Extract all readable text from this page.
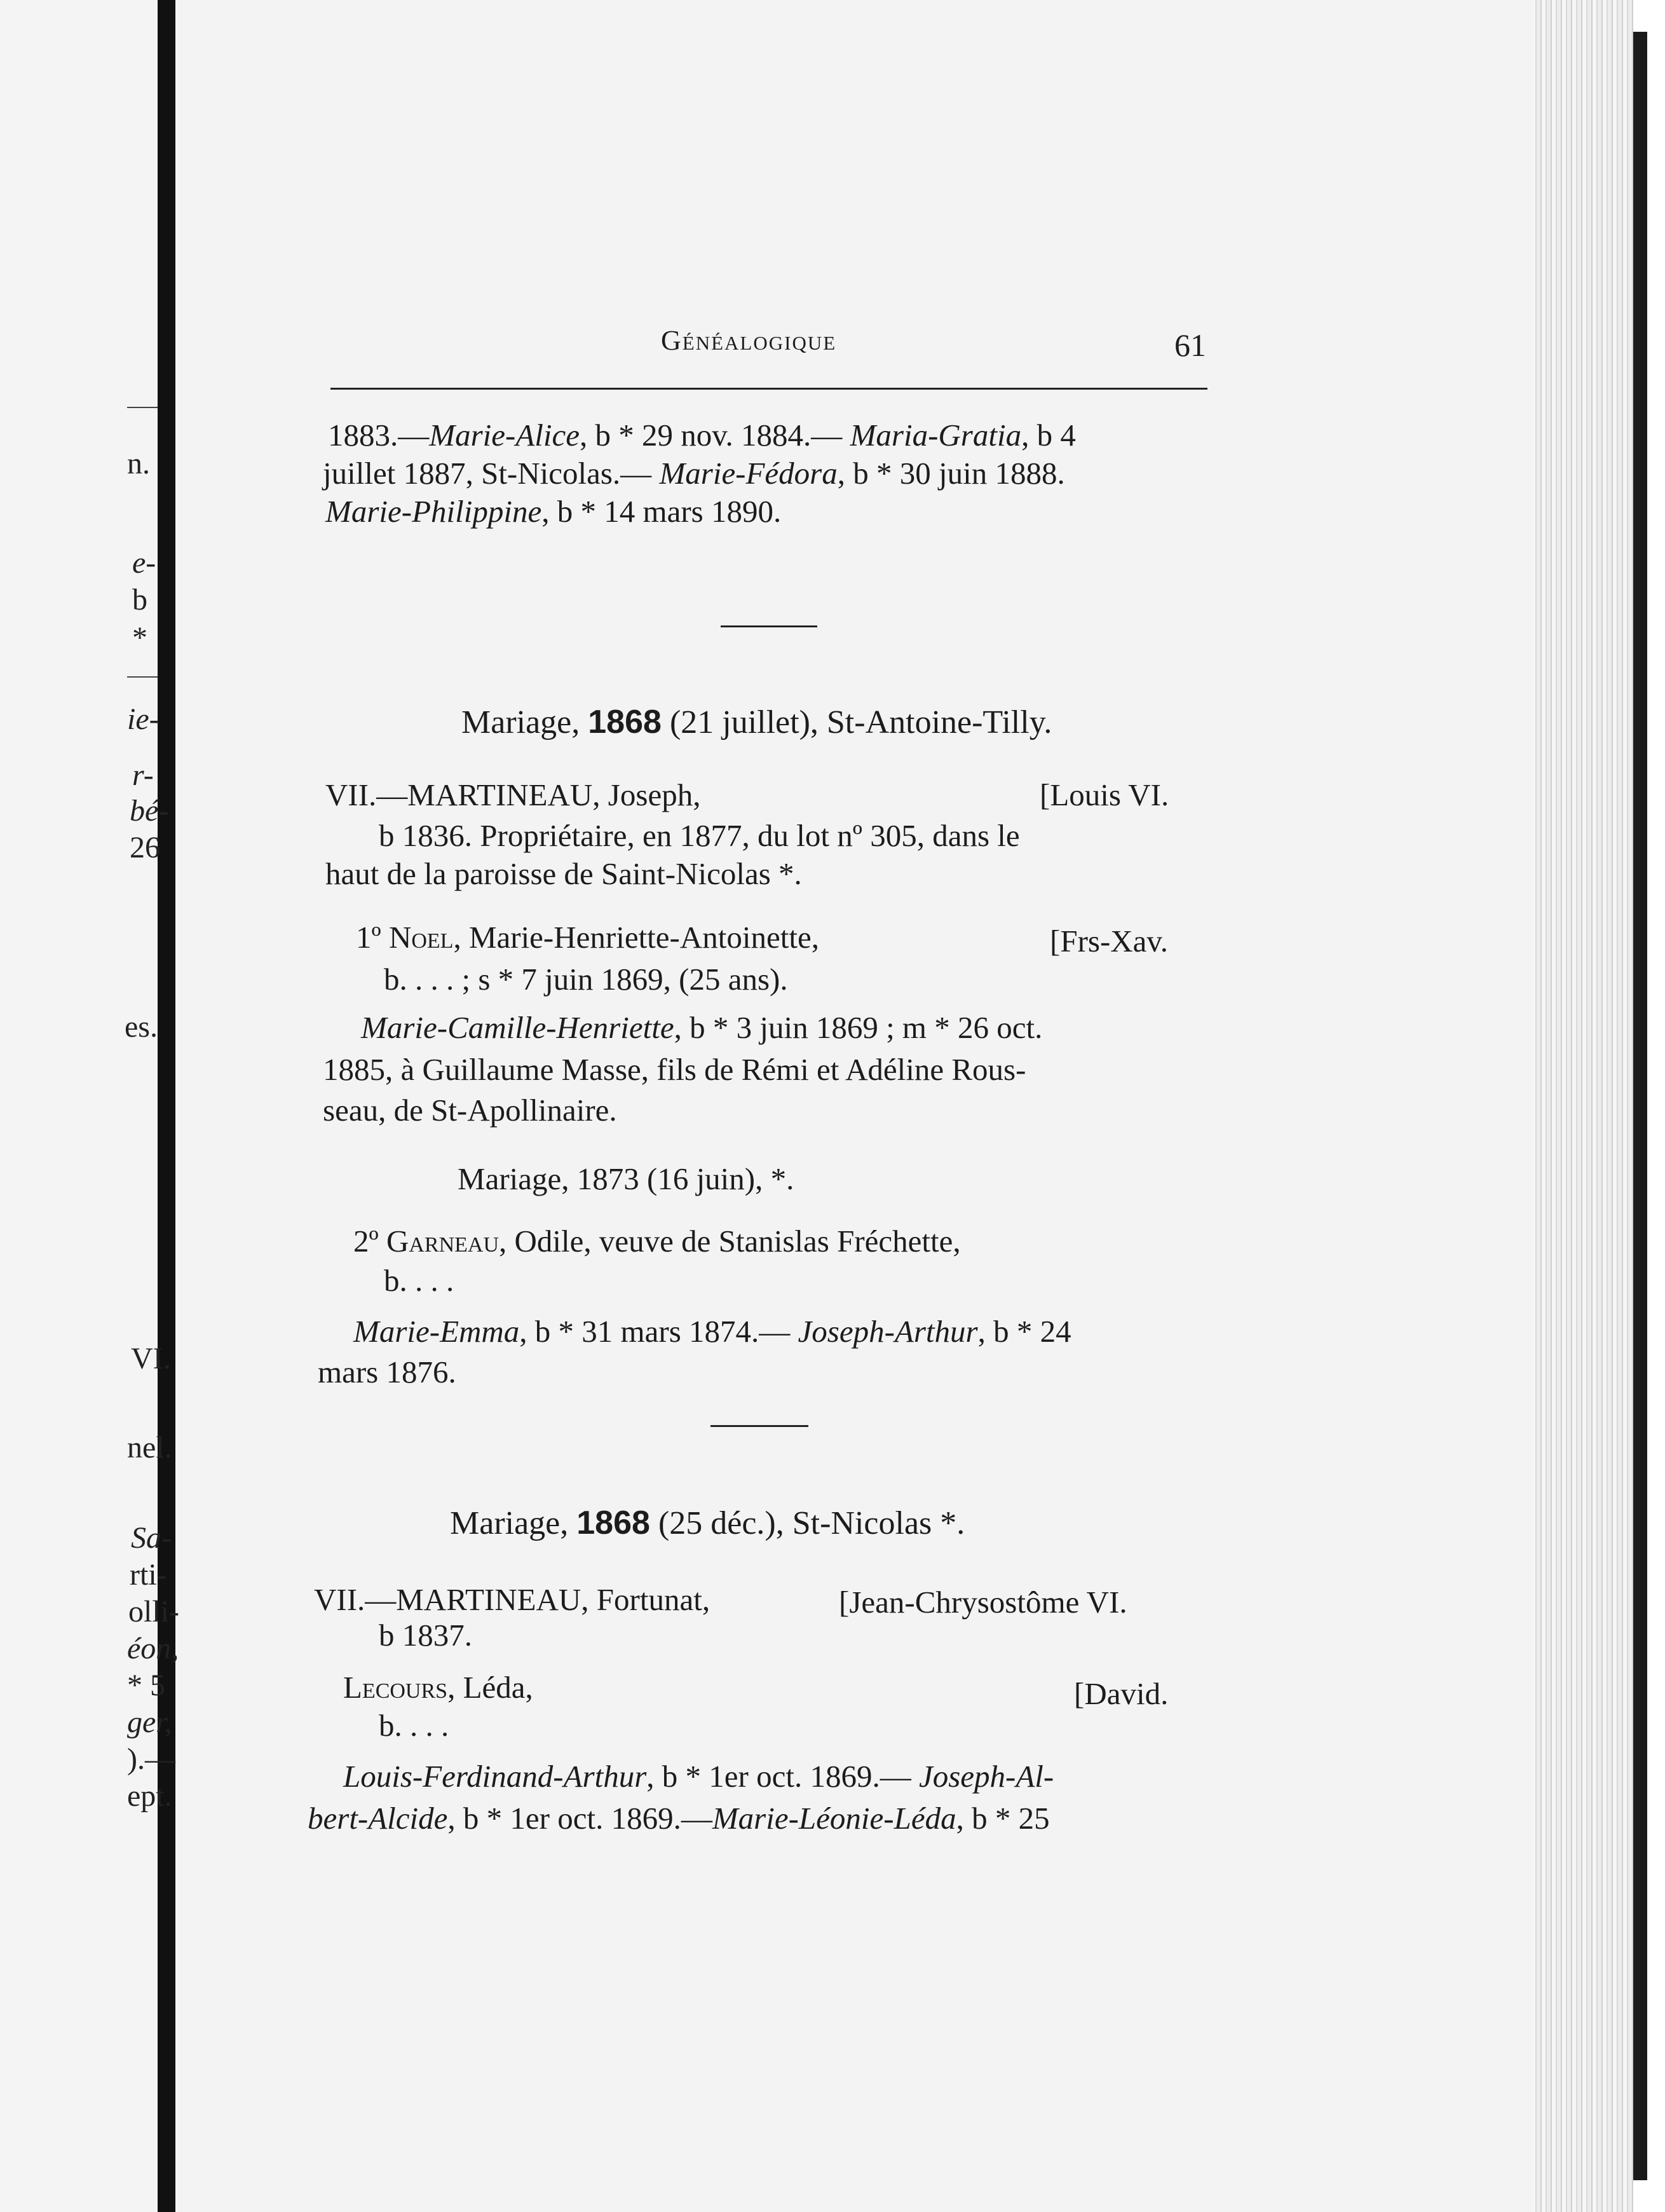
n.
e-
b
*
ie-
r-
bé-
26
es.
VI.
nel.
Sa-
rti-
olli-
éon,
* 5
ger,
).—
ept.
Généalogique	61
1883.—Marie-Alice, b * 29 nov. 1884.— Maria-Gratia, b 4
juillet 1887, St-Nicolas.— Marie-Fédora, b * 30 juin 1888.
Marie-Philippine, b * 14 mars 1890.
Mariage, 1868 (21 juillet), St-Antoine-Tilly.
VII.—MARTINEAU, Joseph,	[Louis VI.
b 1836. Propriétaire, en 1877, du lot nº 305, dans le
haut de la paroisse de Saint-Nicolas *.
1º Noel, Marie-Henriette-Antoinette,	[Frs-Xav.
b. . . . ; s * 7 juin 1869, (25 ans).
Marie-Camille-Henriette, b * 3 juin 1869 ; m * 26 oct.
1885, à Guillaume Masse, fils de Rémi et Adéline Rous-
seau, de St-Apollinaire.
Mariage, 1873 (16 juin), *.
2º Garneau, Odile, veuve de Stanislas Fréchette,
b. . . .
Marie-Emma, b * 31 mars 1874.— Joseph-Arthur, b * 24
mars 1876.
Mariage, 1868 (25 déc.), St-Nicolas *.
VII.—MARTINEAU, Fortunat,	[Jean-Chrysostôme VI.
b 1837.
Lecours, Léda,	[David.
b. . . .
Louis-Ferdinand-Arthur, b * 1er oct. 1869.— Joseph-Al-
bert-Alcide, b * 1er oct. 1869.—Marie-Léonie-Léda, b * 25
